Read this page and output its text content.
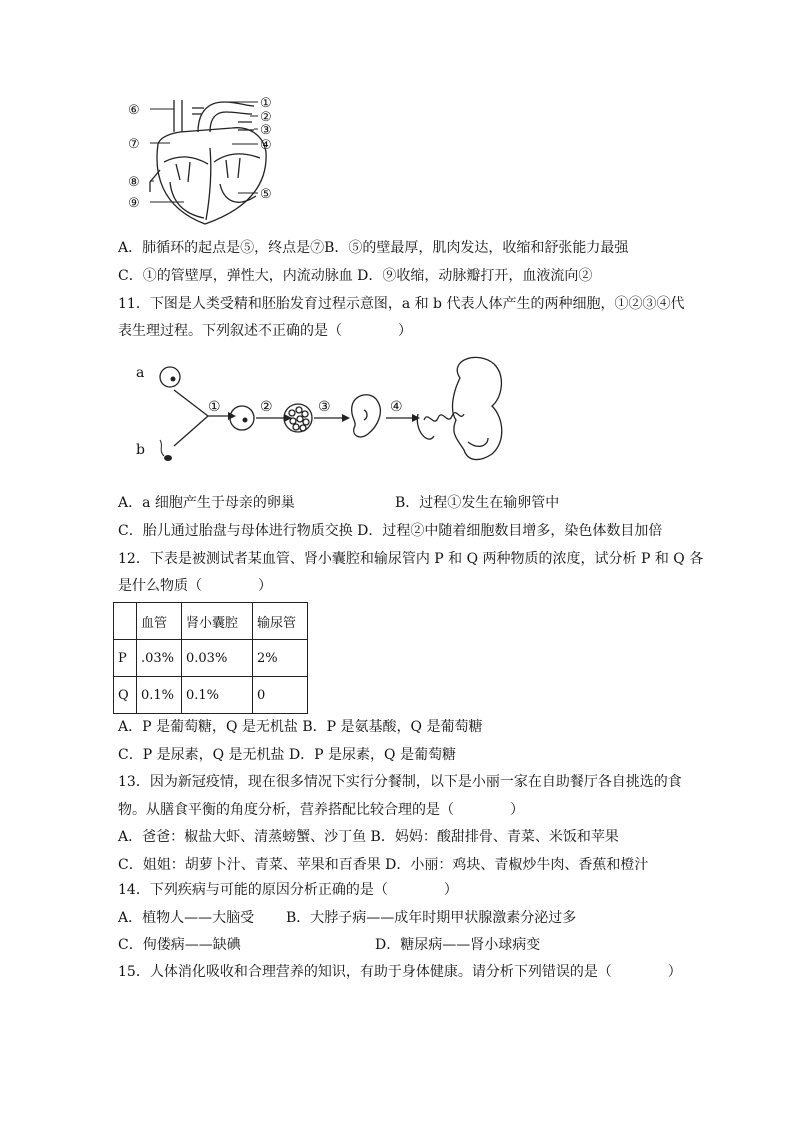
⑥
⑦
⑧
⑨
①
②
③
④
⑤
A．肺循环的起点是⑤，终点是⑦B．⑤的壁最厚，肌肉发达，收缩和舒张能力最强
C．①的管壁厚，弹性大，内流动脉血 D．⑨收缩，动脉瓣打开，血液流向②
11．下图是人类受精和胚胎发育过程示意图，a 和 b 代表人体产生的两种细胞，①②③④代
表生理过程。下列叙述不正确的是（　　　　）
a
b
①	②	③	④
A．a 细胞产生于母亲的卵巢	B．过程①发生在输卵管中
C．胎儿通过胎盘与母体进行物质交换 D．过程②中随着细胞数目增多，染色体数目加倍
12．下表是被测试者某血管、肾小囊腔和输尿管内 P 和 Q 两种物质的浓度，试分析 P 和 Q 各
是什么物质（　　　　）
	血管	肾小囊腔	输尿管
P	.03%	0.03%	2%
Q	0.1%	0.1%	0
A．P 是葡萄糖，Q 是无机盐 B．P 是氨基酸，Q 是葡萄糖
C．P 是尿素，Q 是无机盐 D．P 是尿素，Q 是葡萄糖
13．因为新冠疫情，现在很多情况下实行分餐制，以下是小丽一家在自助餐厅各自挑选的食
物。从膳食平衡的角度分析，营养搭配比较合理的是（　　　　）
A．爸爸：椒盐大虾、清蒸螃蟹、沙丁鱼 B．妈妈：酸甜排骨、青菜、米饭和苹果
C．姐姐：胡萝卜汁、青菜、苹果和百香果 D．小丽：鸡块、青椒炒牛肉、香蕉和橙汁
14．下列疾病与可能的原因分析正确的是（　　　　）
A．植物人——大脑受 B．大脖子病——成年时期甲状腺激素分泌过多
C．佝偻病——缺碘	D．糖尿病——肾小球病变
15．人体消化吸收和合理营养的知识，有助于身体健康。请分析下列错误的是（　　　　）
